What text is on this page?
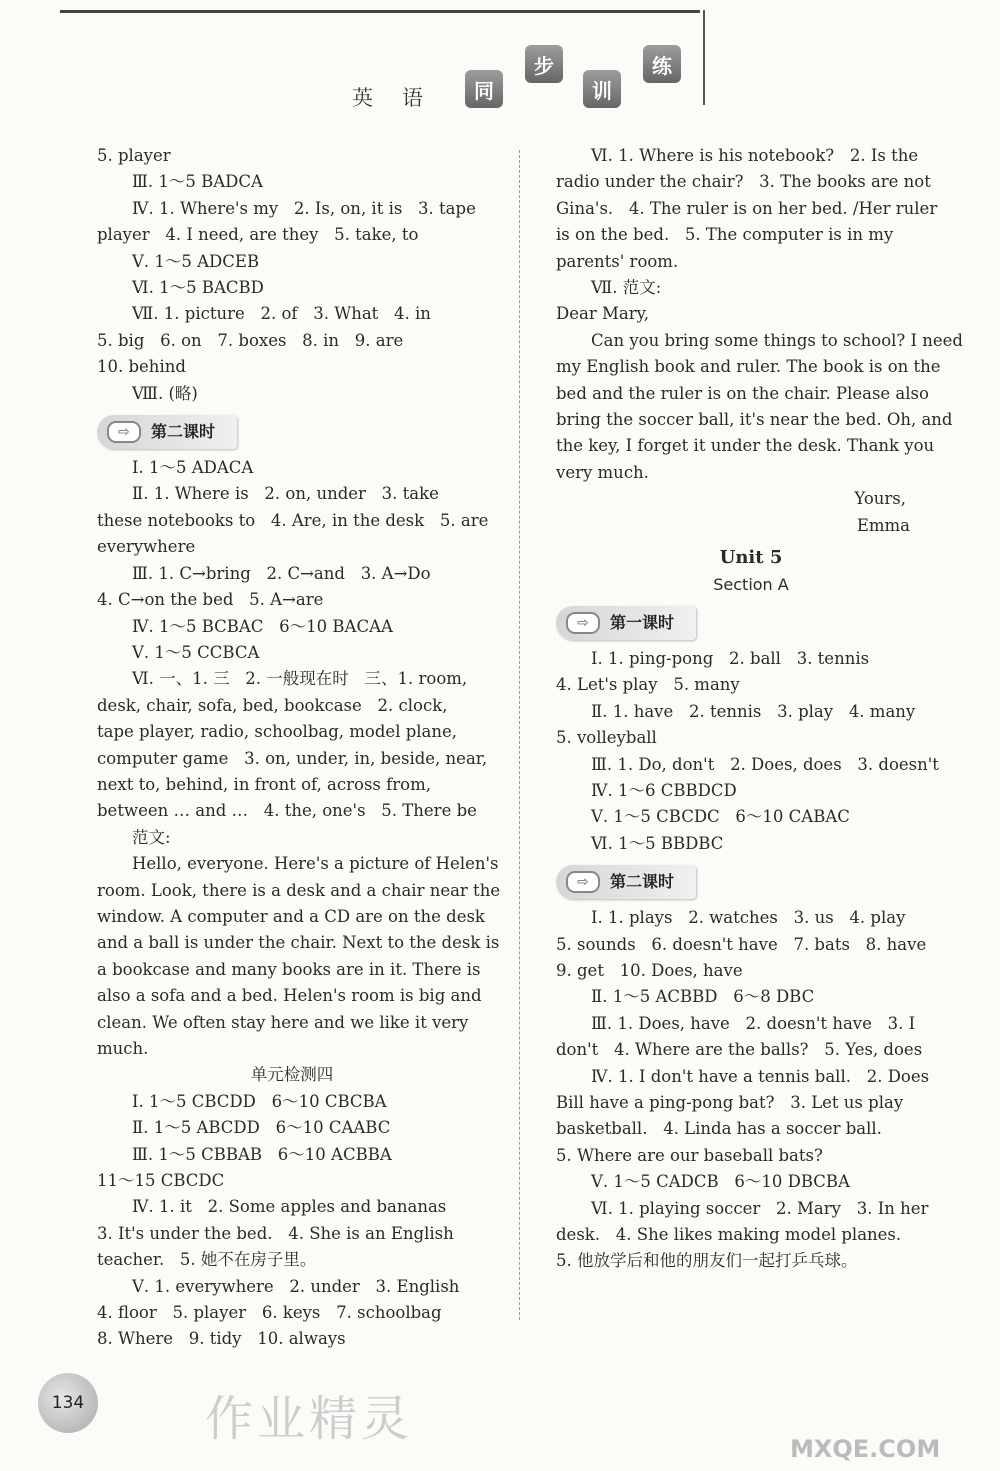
英 语	同
步
训
练

5. player

Ⅲ. 1～5 BADCA

Ⅳ. 1. Where's my   2. Is, on, it is   3. tape

player   4. I need, are they   5. take, to

Ⅴ. 1～5 ADCEB

Ⅵ. 1～5 BACBD

Ⅶ. 1. picture   2. of   3. What   4. in

5. big   6. on   7. boxes   8. in   9. are

10. behind

Ⅷ. (略)

⇨	第二课时

Ⅰ. 1～5 ADACA

Ⅱ. 1. Where is   2. on, under   3. take

these notebooks to   4. Are, in the desk   5. are

everywhere

Ⅲ. 1. C→bring   2. C→and   3. A→Do

4. C→on the bed   5. A→are

Ⅳ. 1～5 BCBAC   6～10 BACAA

Ⅴ. 1～5 CCBCA

Ⅵ. 一、1. 三   2. 一般现在时   三、1. room,

desk, chair, sofa, bed, bookcase   2. clock,

tape player, radio, schoolbag, model plane,

computer game   3. on, under, in, beside, near,

next to, behind, in front of, across from,

between … and …   4. the, one's   5. There be

范文:

Hello, everyone. Here's a picture of Helen's

room. Look, there is a desk and a chair near the

window. A computer and a CD are on the desk

and a ball is under the chair. Next to the desk is

a bookcase and many books are in it. There is

also a sofa and a bed. Helen's room is big and

clean. We often stay here and we like it very

much.

单元检测四

Ⅰ. 1～5 CBCDD   6～10 CBCBA

Ⅱ. 1～5 ABCDD   6～10 CAABC

Ⅲ. 1～5 CBBAB   6～10 ACBBA

11～15 CBCDC

Ⅳ. 1. it   2. Some apples and bananas

3. It's under the bed.   4. She is an English

teacher.   5. 她不在房子里。

Ⅴ. 1. everywhere   2. under   3. English

4. floor   5. player   6. keys   7. schoolbag

8. Where   9. tidy   10. always

Ⅵ. 1. Where is his notebook?   2. Is the

radio under the chair?   3. The books are not

Gina's.   4. The ruler is on her bed. /Her ruler

is on the bed.   5. The computer is in my

parents' room.

Ⅶ. 范文:

Dear Mary,

Can you bring some things to school? I need

my English book and ruler. The book is on the

bed and the ruler is on the chair. Please also

bring the soccer ball, it's near the bed. Oh, and

the key, I forget it under the desk. Thank you

very much.

Yours,

Emma

Unit 5

Section A

⇨	第一课时

Ⅰ. 1. ping-pong   2. ball   3. tennis

4. Let's play   5. many

Ⅱ. 1. have   2. tennis   3. play   4. many

5. volleyball

Ⅲ. 1. Do, don't   2. Does, does   3. doesn't

Ⅳ. 1～6 CBBDCD

Ⅴ. 1～5 CBCDC   6～10 CABAC

Ⅵ. 1～5 BBDBC

⇨	第二课时

Ⅰ. 1. plays   2. watches   3. us   4. play

5. sounds   6. doesn't have   7. bats   8. have

9. get   10. Does, have

Ⅱ. 1～5 ACBBD   6～8 DBC

Ⅲ. 1. Does, have   2. doesn't have   3. I

don't   4. Where are the balls?   5. Yes, does

Ⅳ. 1. I don't have a tennis ball.   2. Does

Bill have a ping-pong bat?   3. Let us play

basketball.   4. Linda has a soccer ball.

5. Where are our baseball bats?

Ⅴ. 1～5 CADCB   6～10 DBCBA

Ⅵ. 1. playing soccer   2. Mary   3. In her

desk.   4. She likes making model planes.

5. 他放学后和他的朋友们一起打乒乓球。

134	作业精灵
MXQE.COM
